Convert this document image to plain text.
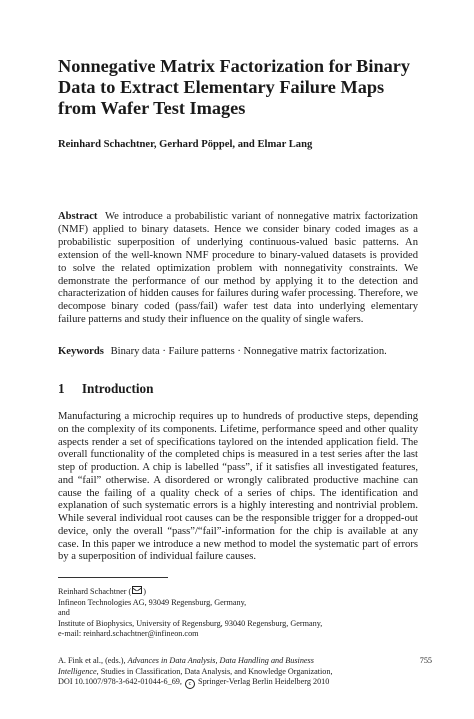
Nonnegative Matrix Factorization for Binary
Data to Extract Elementary Failure Maps
from Wafer Test Images
Reinhard Schachtner, Gerhard Pöppel, and Elmar Lang

Abstract We introduce a probabilistic variant of nonnegative matrix factorization (NMF) applied to binary datasets. Hence we consider binary coded images as a probabilistic superposition of underlying continuous-valued basic patterns. An extension of the well-known NMF procedure to binary-valued datasets is provided to solve the related optimization problem with nonnegativity constraints. We demonstrate the performance of our method by applying it to the detection and characterization of hidden causes for failures during wafer processing. Therefore, we decompose binary coded (pass/fail) wafer test data into underlying elementary failure patterns and study their influence on the quality of single wafers.

Keywords Binary data · Failure patterns · Nonnegative matrix factorization.
1 Introduction

Manufacturing a microchip requires up to hundreds of productive steps, depending on the complexity of its components. Lifetime, performance speed and other quality aspects render a set of specifications taylored on the intended application field. The overall functionality of the completed chips is measured in a test series after the last step of production. A chip is labelled “pass”, if it satisfies all investigated features, and “fail” otherwise. A disordered or wrongly calibrated productive machine can cause the failing of a quality check of a series of chips. The identification and explanation of such systematic errors is a highly interesting and nontrivial problem. While several individual root causes can be the responsible trigger for a dropped-out device, only the overall “pass”/“fail”-information for the chip is available at any case. In this paper we introduce a new method to model the systematic part of errors by a superposition of individual failure causes.

Reinhard Schachtner ( )
Infineon Technologies AG, 93049 Regensburg, Germany,
and
Institute of Biophysics, University of Regensburg, 93040 Regensburg, Germany,
e-mail: reinhard.schachtner@infineon.com
A. Fink et al., (eds.), Advances in Data Analysis, Data Handling and Business
Intelligence, Studies in Classification, Data Analysis, and Knowledge Organization,
DOI 10.1007/978-3-642-01044-6_69, c Springer-Verlag Berlin Heidelberg 2010
755
